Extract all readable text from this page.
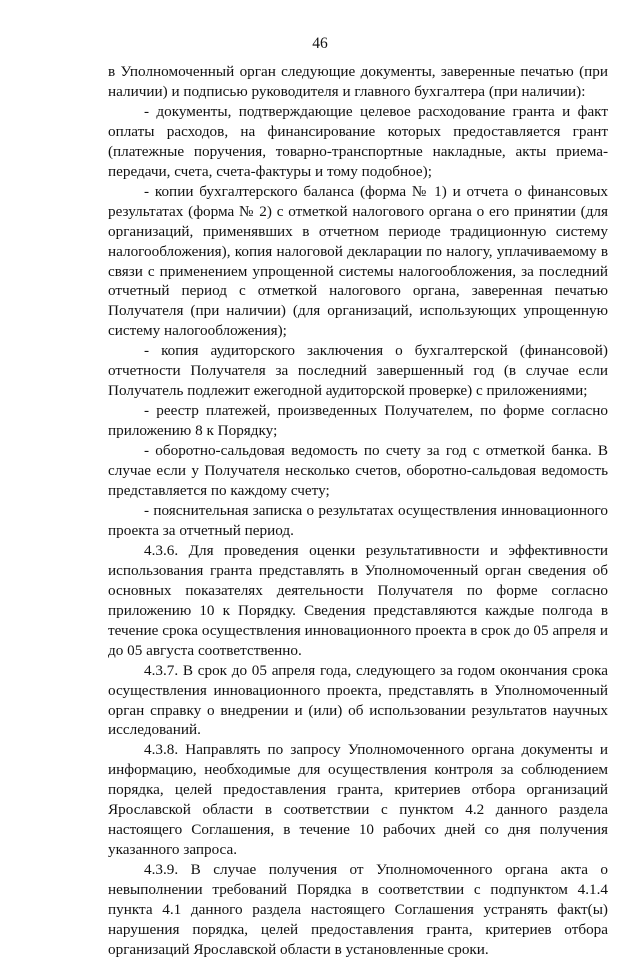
46

в Уполномоченный орган следующие документы, заверенные печатью (при наличии) и подписью руководителя и главного бухгалтера (при наличии):

- документы, подтверждающие целевое расходование гранта и факт оплаты расходов, на финансирование которых предоставляется грант (платежные поручения, товарно-транспортные накладные, акты приема-передачи, счета, счета-фактуры и тому подобное);

- копии бухгалтерского баланса (форма № 1) и отчета о финансовых результатах (форма № 2) с отметкой налогового органа о его принятии (для организаций, применявших в отчетном периоде традиционную систему налогообложения), копия налоговой декларации по налогу, уплачиваемому в связи с применением упрощенной системы налогообложения, за последний отчетный период с отметкой налогового органа, заверенная печатью Получателя (при наличии) (для организаций, использующих упрощенную систему налогообложения);

- копия аудиторского заключения о бухгалтерской (финансовой) отчетности Получателя за последний завершенный год (в случае если Получатель подлежит ежегодной аудиторской проверке) с приложениями;

- реестр платежей, произведенных Получателем, по форме согласно приложению 8 к Порядку;

- оборотно-сальдовая ведомость по счету за год с отметкой банка. В случае если у Получателя несколько счетов, оборотно-сальдовая ведомость представляется по каждому счету;

- пояснительная записка о результатах осуществления инновационного проекта за отчетный период.

4.3.6. Для проведения оценки результативности и эффективности использования гранта представлять в Уполномоченный орган сведения об основных показателях деятельности Получателя по форме согласно приложению 10 к Порядку. Сведения представляются каждые полгода в течение срока осуществления инновационного проекта в срок до 05 апреля и до 05 августа соответственно.

4.3.7. В срок до 05 апреля года, следующего за годом окончания срока осуществления инновационного проекта, представлять в Уполномоченный орган справку о внедрении и (или) об использовании результатов научных исследований.

4.3.8. Направлять по запросу Уполномоченного органа документы и информацию, необходимые для осуществления контроля за соблюдением порядка, целей предоставления гранта, критериев отбора организаций Ярославской области в соответствии с пунктом 4.2 данного раздела настоящего Соглашения, в течение 10 рабочих дней со дня получения указанного запроса.

4.3.9. В случае получения от Уполномоченного органа акта о невыполнении требований Порядка в соответствии с подпунктом 4.1.4 пункта 4.1 данного раздела настоящего Соглашения устранять факт(ы) нарушения порядка, целей предоставления гранта, критериев отбора организаций Ярославской области в установленные сроки.
